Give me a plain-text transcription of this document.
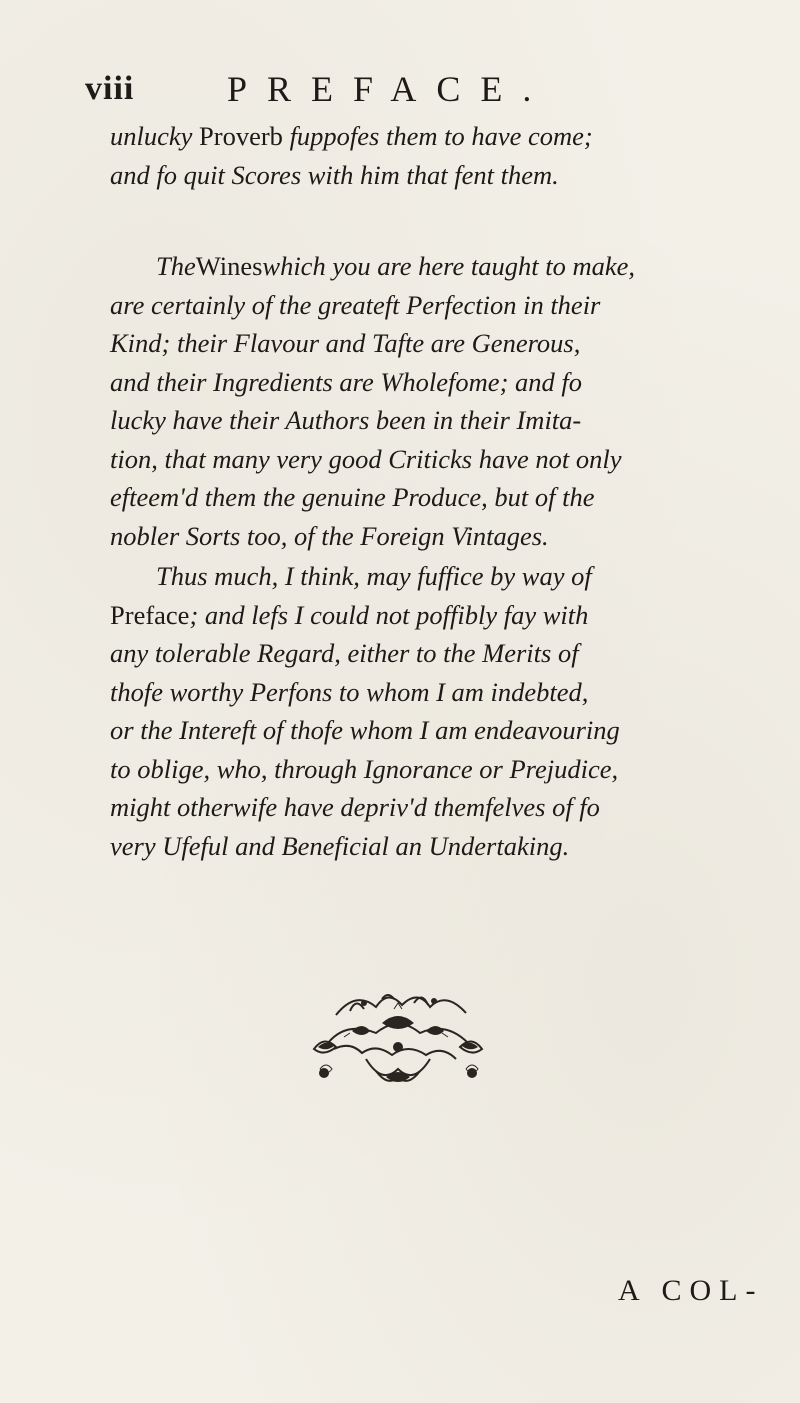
viii	PREFACE.
unlucky Proverb fuppofes them to have come;
and fo quit Scores with him that fent them.
TheWineswhich you are here taught to make,
are certainly of the greateft Perfection in their
Kind; their Flavour and Tafte are Generous,
and their Ingredients are Wholefome; and fo
lucky have their Authors been in their Imita-
tion, that many very good Criticks have not only
efteem'd them the genuine Produce, but of the
nobler Sorts too, of the Foreign Vintages.
Thus much, I think, may fuffice by way of
Preface; and lefs I could not poffibly fay with
any tolerable Regard, either to the Merits of
thofe worthy Perfons to whom I am indebted,
or the Intereft of thofe whom I am endeavouring
to oblige, who, through Ignorance or Prejudice,
might otherwife have depriv'd themfelves of fo
very Ufeful and Beneficial an Undertaking.
A COL-
